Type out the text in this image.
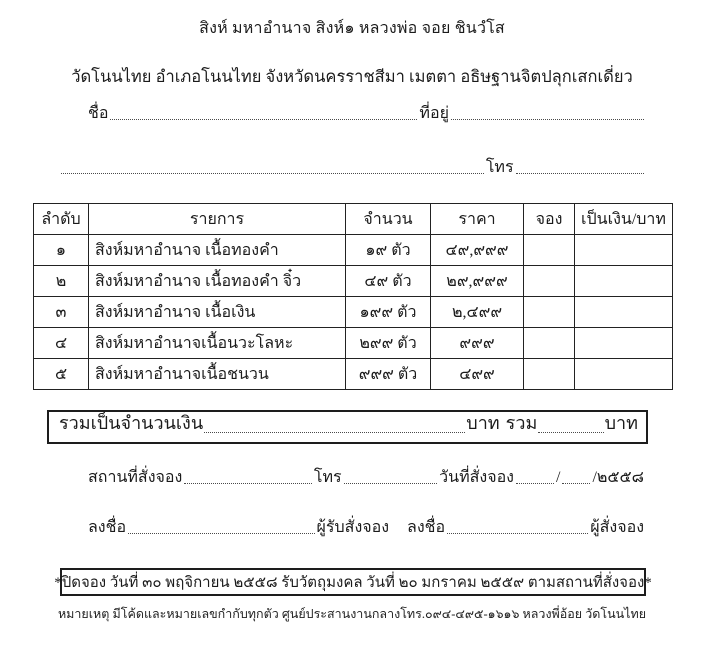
สิงห์ มหาอำนาจ สิงห์๑ หลวงพ่อ จอย ชินวํโส
วัดโนนไทย อำเภอโนนไทย จังหวัดนครราชสีมา เมตตา อธิษฐานจิตปลุกเสกเดี่ยว
ชื่อ	ที่อยู่
โทร
ลำดับ	รายการ	จำนวน	ราคา	จอง	เป็นเงิน/บาท
๑	สิงห์มหาอำนาจ เนื้อทองคำ	๑๙ ตัว	๔๙,๙๙๙		
๒	สิงห์มหาอำนาจ เนื้อทองคำ จิ๋ว	๔๙ ตัว	๒๙,๙๙๙		
๓	สิงห์มหาอำนาจ เนื้อเงิน	๑๙๙ ตัว	๒,๔๙๙		
๔	สิงห์มหาอำนาจเนื้อนวะโลหะ	๒๙๙ ตัว	๙๙๙		
๕	สิงห์มหาอำนาจเนื้อชนวน	๙๙๙ ตัว	๔๙๙		
รวมเป็นจำนวนเงิน	บาท รวม	บาท
สถานที่สั่งจอง	โทร	วันที่สั่งจอง	/ /๒๕๕๘
ลงชื่อ	ผู้รับสั่งจอง ลงชื่อ	ผู้สั่งจอง
*ปิดจอง วันที่ ๓๐ พฤจิกายน ๒๕๕๘ รับวัตถุมงคล วันที่ ๒๐ มกราคม ๒๕๕๙ ตามสถานที่สั่งจอง*
หมายเหตุ มีโค้ดและหมายเลขกำกับทุกตัว ศูนย์ประสานงานกลางโทร.๐๙๔-๔๙๕-๑๖๑๖ หลวงพี่อ้อย วัดโนนไทย
